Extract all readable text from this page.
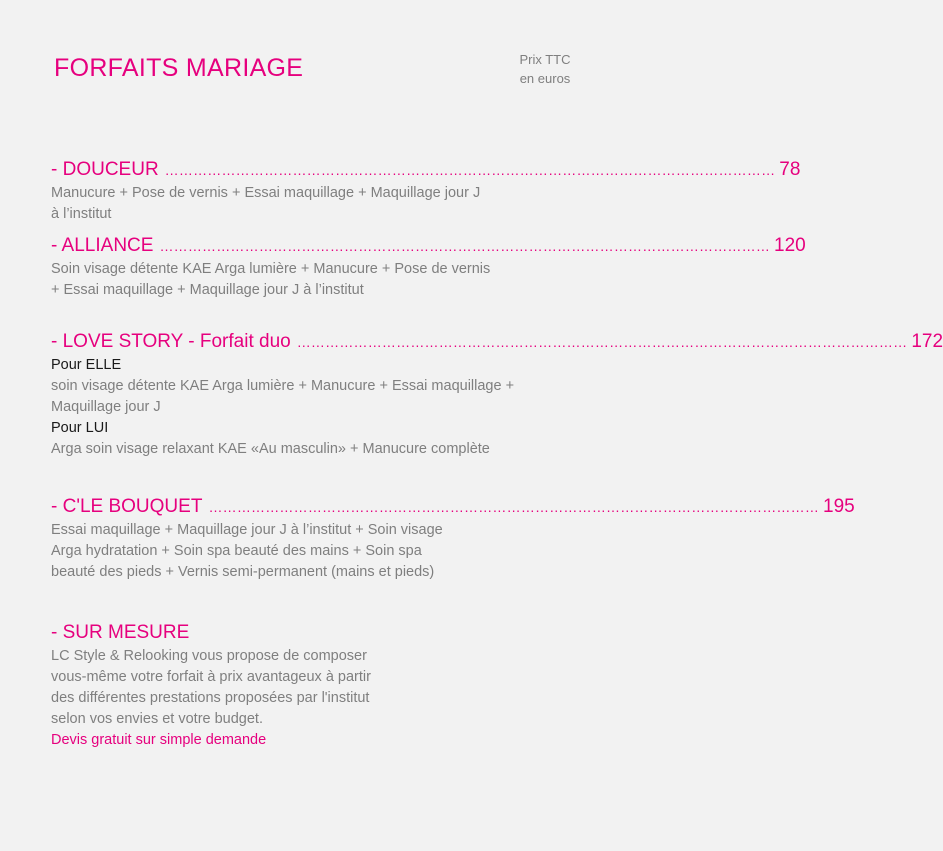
FORFAITS MARIAGE	Prix TTC
en euros
- DOUCEUR ………………………………………………………………………………………………………………… 78
Manucure + Pose de vernis + Essai maquillage + Maquillage jour J
à l’institut
- ALLIANCE ………………………………………………………………………………………………………………… 120
Soin visage détente KAE Arga lumière + Manucure + Pose de vernis
+ Essai maquillage + Maquillage jour J à l’institut
- LOVE STORY - Forfait duo ………………………………………………………………………………………………………………… 172
Pour ELLE
soin visage détente KAE Arga lumière + Manucure + Essai maquillage +
Maquillage jour J
Pour LUI
Arga soin visage relaxant KAE «Au masculin» + Manucure complète
- C'LE BOUQUET ………………………………………………………………………………………………………………… 195
Essai maquillage + Maquillage jour J à l’institut + Soin visage
Arga hydratation + Soin spa beauté des mains + Soin spa
beauté des pieds + Vernis semi-permanent (mains et pieds)
- SUR MESURE
LC Style & Relooking vous propose de composer
vous-même votre forfait à prix avantageux à partir
des différentes prestations proposées par l'institut
selon vos envies et votre budget.
Devis gratuit sur simple demande
